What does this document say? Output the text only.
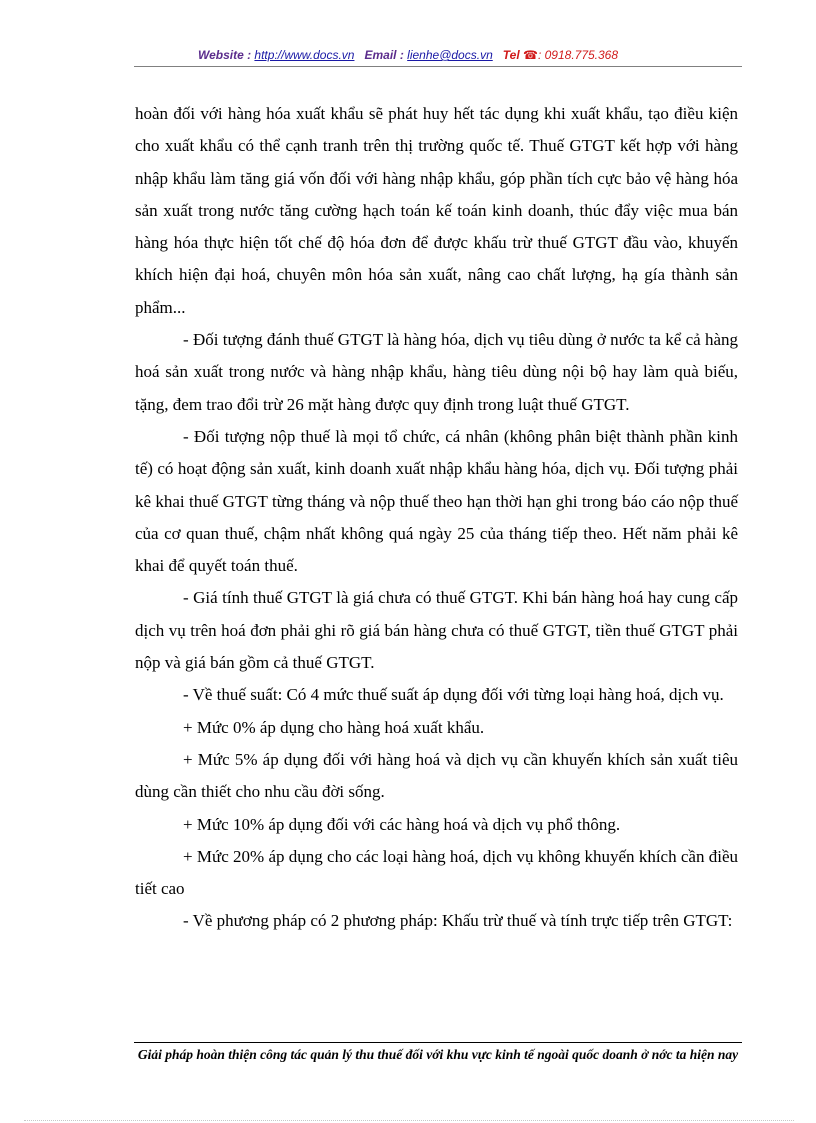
Website : http://www.docs.vn Email : lienhe@docs.vn Tel ☎: 0918.775.368

hoàn đối với hàng hóa xuất khẩu sẽ phát huy hết tác dụng khi xuất khẩu, tạo điều kiện cho xuất khẩu có thể cạnh tranh trên thị trường quốc tế. Thuế GTGT kết hợp với hàng nhập khẩu làm tăng giá vốn đối với hàng nhập khẩu, góp phần tích cực bảo vệ hàng hóa sản xuất trong nước tăng cường hạch toán kế toán kinh doanh, thúc đẩy việc mua bán hàng hóa thực hiện tốt chế độ hóa đơn để được khấu trừ thuế GTGT đầu vào, khuyến khích hiện đại hoá, chuyên môn hóa sản xuất, nâng cao chất lượng, hạ gía thành sản phẩm...

- Đối tượng đánh thuế GTGT là hàng hóa, dịch vụ tiêu dùng ở nước ta kể cả hàng hoá sản xuất trong nước và hàng nhập khẩu, hàng tiêu dùng nội bộ hay làm quà biếu, tặng, đem trao đổi trừ 26 mặt hàng được quy định trong luật thuế GTGT.

- Đối tượng nộp thuế là mọi tổ chức, cá nhân (không phân biệt thành phần kinh tế) có hoạt động sản xuất, kinh doanh xuất nhập khẩu hàng hóa, dịch vụ. Đối tượng phải kê khai thuế GTGT từng tháng và nộp thuế theo hạn thời hạn ghi trong báo cáo nộp thuế của cơ quan thuế, chậm nhất không quá ngày 25 của tháng tiếp theo. Hết năm phải kê khai để quyết toán thuế.

- Giá tính thuế GTGT là giá chưa có thuế GTGT. Khi bán hàng hoá hay cung cấp dịch vụ trên hoá đơn phải ghi rõ giá bán hàng chưa có thuế GTGT, tiền thuế GTGT phải nộp và giá bán gồm cả thuế GTGT.

- Về thuế suất: Có 4 mức thuế suất áp dụng đối với từng loại hàng hoá, dịch vụ.

+ Mức 0% áp dụng cho hàng hoá xuất khẩu.

+ Mức 5% áp dụng đối với hàng hoá và dịch vụ cần khuyến khích sản xuất tiêu dùng cần thiết cho nhu cầu đời sống.

+ Mức 10% áp dụng đối với các hàng hoá và dịch vụ phổ thông.

+ Mức 20% áp dụng cho các loại hàng hoá, dịch vụ không khuyến khích cần điều tiết cao

- Về phương pháp có 2 phương pháp: Khấu trừ thuế và tính trực tiếp trên GTGT:

Giải pháp hoàn thiện công tác quản lý thu thuế đối với khu vực kinh tế ngoài quốc doanh ở nớc ta hiện nay
